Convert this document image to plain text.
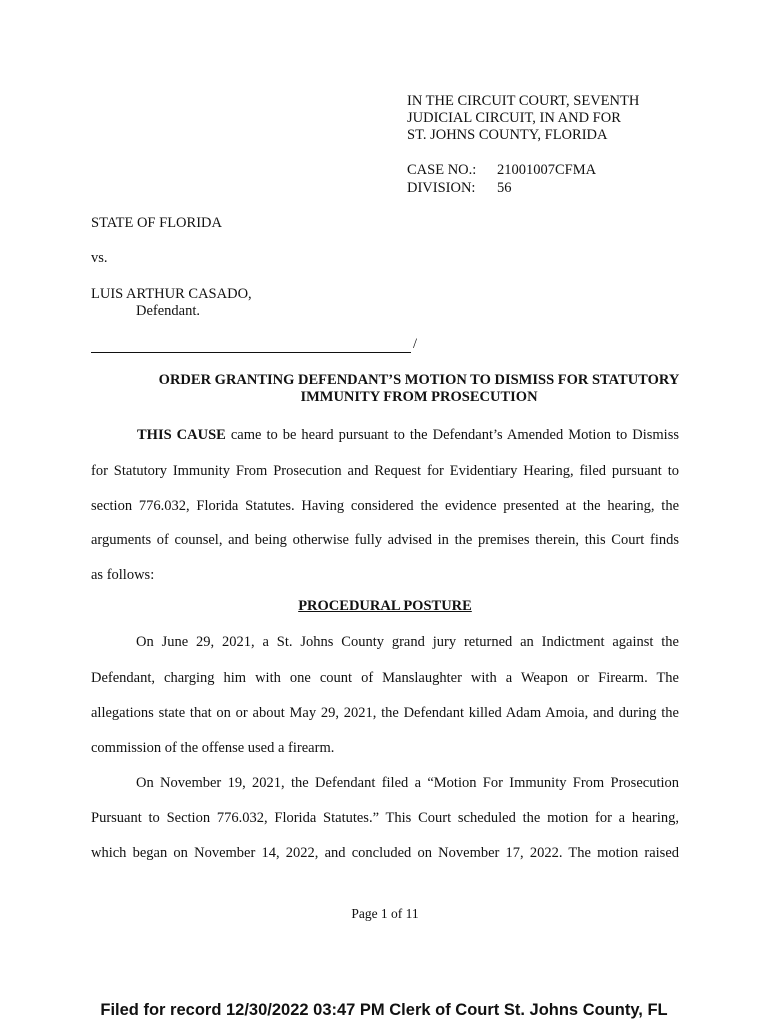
IN THE CIRCUIT COURT, SEVENTH
JUDICIAL CIRCUIT, IN AND FOR
ST. JOHNS COUNTY, FLORIDA
CASE NO.: 21001007CFMA
DIVISION: 56
STATE OF FLORIDA
vs.
LUIS ARTHUR CASADO,
Defendant.
/
ORDER GRANTING DEFENDANT’S MOTION TO DISMISS FOR STATUTORY
IMMUNITY FROM PROSECUTION
THIS CAUSE came to be heard pursuant to the Defendant’s Amended Motion to Dismiss
for Statutory Immunity From Prosecution and Request for Evidentiary Hearing, filed pursuant to
section 776.032, Florida Statutes. Having considered the evidence presented at the hearing, the
arguments of counsel, and being otherwise fully advised in the premises therein, this Court finds
as follows:
PROCEDURAL POSTURE
On June 29, 2021, a St. Johns County grand jury returned an Indictment against the
Defendant, charging him with one count of Manslaughter with a Weapon or Firearm. The
allegations state that on or about May 29, 2021, the Defendant killed Adam Amoia, and during the
commission of the offense used a firearm.
On November 19, 2021, the Defendant filed a “Motion For Immunity From Prosecution
Pursuant to Section 776.032, Florida Statutes.” This Court scheduled the motion for a hearing,
which began on November 14, 2022, and concluded on November 17, 2022. The motion raised
Page 1 of 11
Filed for record 12/30/2022 03:47 PM Clerk of Court St. Johns County, FL
